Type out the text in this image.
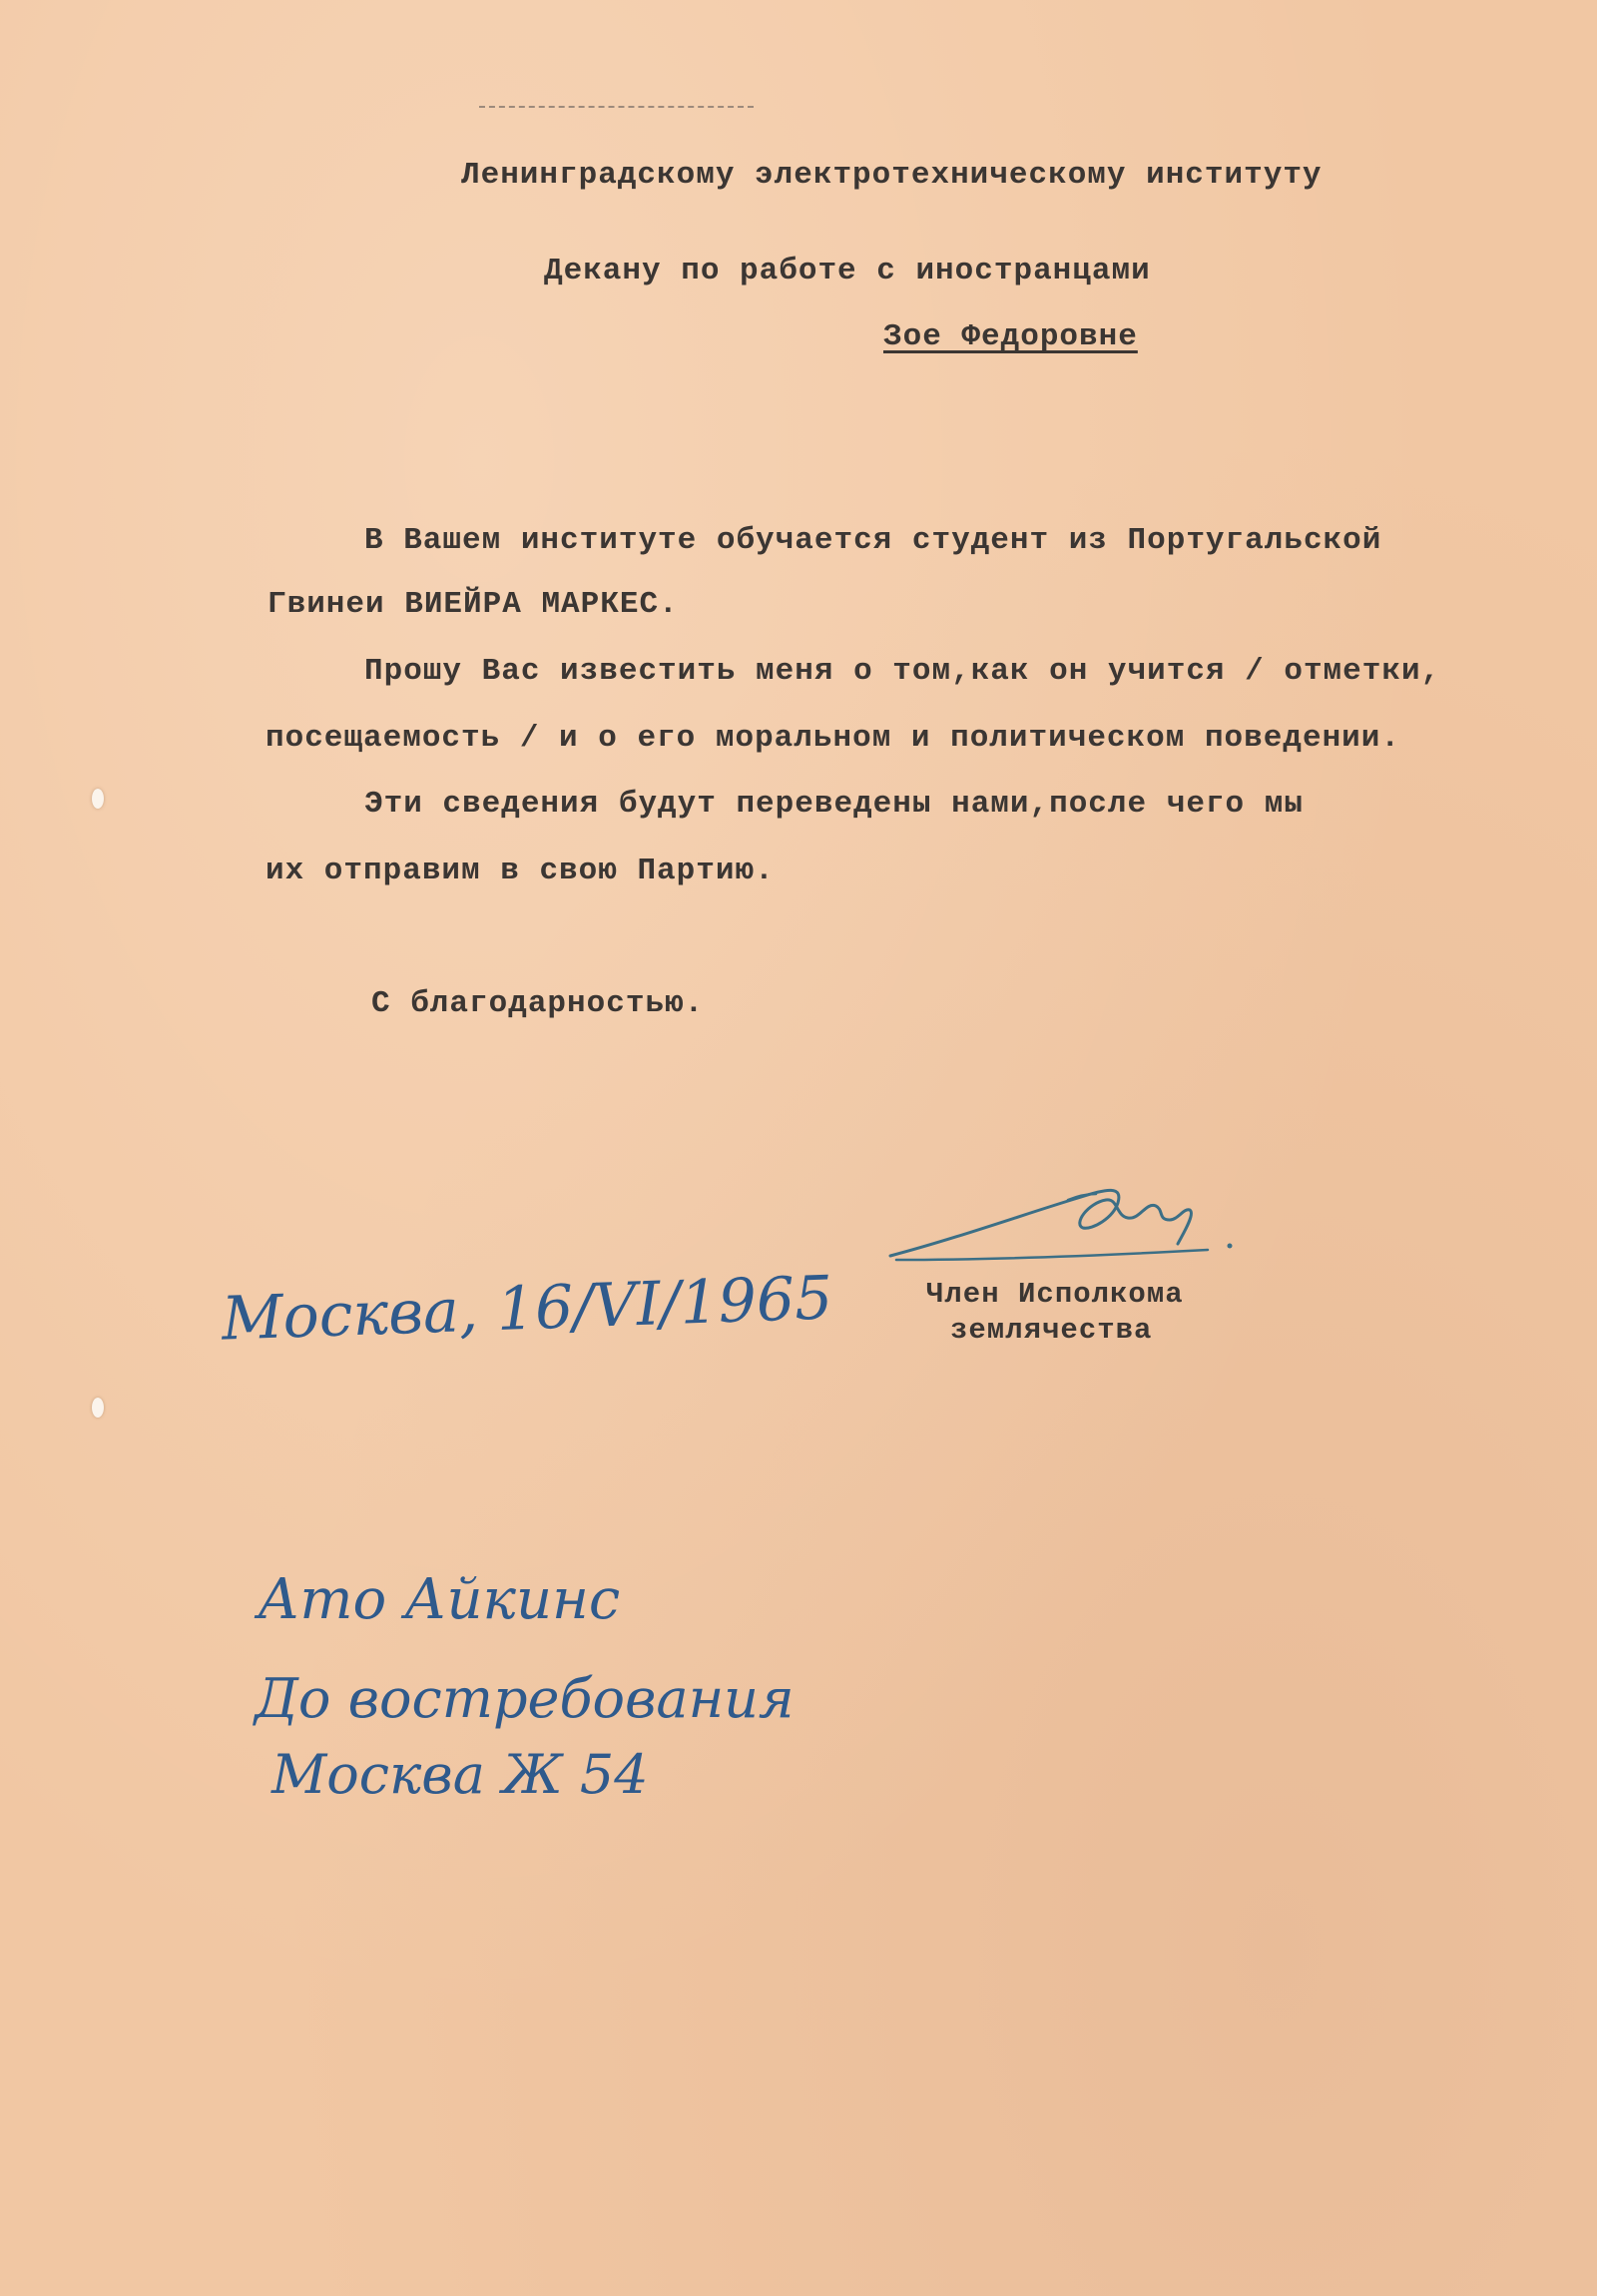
Ленинградскому электротехническому институту
Декану по работе с иностранцами
Зое Федоровне
В Вашем институте обучается студент из Португальской
Гвинеи ВИЕЙРА МАРКЕС.
Прошу Вас известить меня о том,как он учится / отметки,
посещаемость / и о его моральном и политическом поведении.
Эти сведения будут переведены нами,после чего мы
их отправим в свою Партию.
С благодарностью.
Член Исполкома
землячества
Москва, 16/VI/1965
Ато Айкинс
До востребования
Москва Ж 54
